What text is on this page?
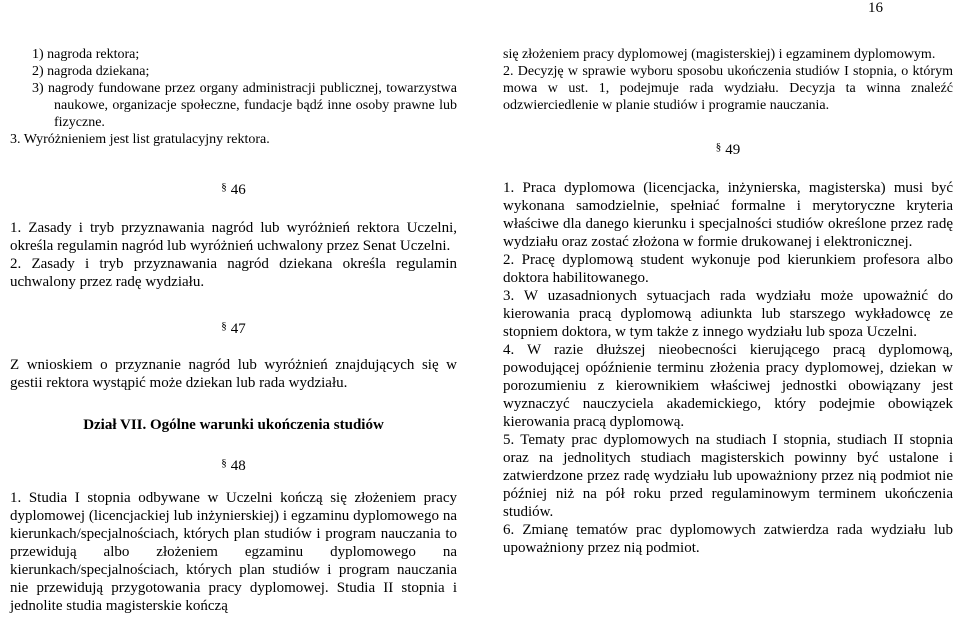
16

1) nagroda rektora;

2) nagroda dziekana;

3) nagrody fundowane przez organy administracji publicznej, towarzystwa naukowe, organizacje społeczne, fundacje bądź inne osoby prawne lub fizyczne.

3. Wyróżnieniem jest list gratulacyjny rektora.

§ 46

1. Zasady i tryb przyznawania nagród lub wyróżnień rektora Uczelni, określa regulamin nagród lub wyróżnień uchwalony przez Senat Uczelni.

2. Zasady i tryb przyznawania nagród dziekana określa regulamin uchwalony przez radę wydziału.

§ 47

Z wnioskiem o przyznanie nagród lub wyróżnień znajdujących się w gestii rektora wystąpić może dziekan lub rada wydziału.

Dział VII. Ogólne warunki ukończenia studiów

§ 48

1. Studia I stopnia odbywane w Uczelni kończą się złożeniem pracy dyplomowej (licencjackiej lub inżynierskiej) i egzaminu dyplomowego na kierunkach/specjalnościach, których plan studiów i program nauczania to przewidują albo złożeniem egzaminu dyplomowego na kierunkach/specjalnościach, których plan studiów i program nauczania nie przewidują przygotowania pracy dyplomowej. Studia II stopnia i jednolite studia magisterskie kończą

się złożeniem pracy dyplomowej (magisterskiej) i egzaminem dyplomowym.

2. Decyzję w sprawie wyboru sposobu ukończenia studiów I stopnia, o którym mowa w ust. 1, podejmuje rada wydziału. Decyzja ta winna znaleźć odzwierciedlenie w planie studiów i programie nauczania.

§ 49

1. Praca dyplomowa (licencjacka, inżynierska, magisterska) musi być wykonana samodzielnie, spełniać formalne i merytoryczne kryteria właściwe dla danego kierunku i specjalności studiów określone przez radę wydziału oraz zostać złożona w formie drukowanej i elektronicznej.

2. Pracę dyplomową student wykonuje pod kierunkiem profesora albo doktora habilitowanego.

3. W uzasadnionych sytuacjach rada wydziału może upoważnić do kierowania pracą dyplomową adiunkta lub starszego wykładowcę ze stopniem doktora, w tym także z innego wydziału lub spoza Uczelni.

4. W razie dłuższej nieobecności kierującego pracą dyplomową, powodującej opóźnienie terminu złożenia pracy dyplomowej, dziekan w porozumieniu z kierownikiem właściwej jednostki obowiązany jest wyznaczyć nauczyciela akademickiego, który podejmie obowiązek kierowania pracą dyplomową.

5. Tematy prac dyplomowych na studiach I stopnia, studiach II stopnia oraz na jednolitych studiach magisterskich powinny być ustalone i zatwierdzone przez radę wydziału lub upoważniony przez nią podmiot nie później niż na pół roku przed regulaminowym terminem ukończenia studiów.

6. Zmianę tematów prac dyplomowych zatwierdza rada wydziału lub upoważniony przez nią podmiot.
